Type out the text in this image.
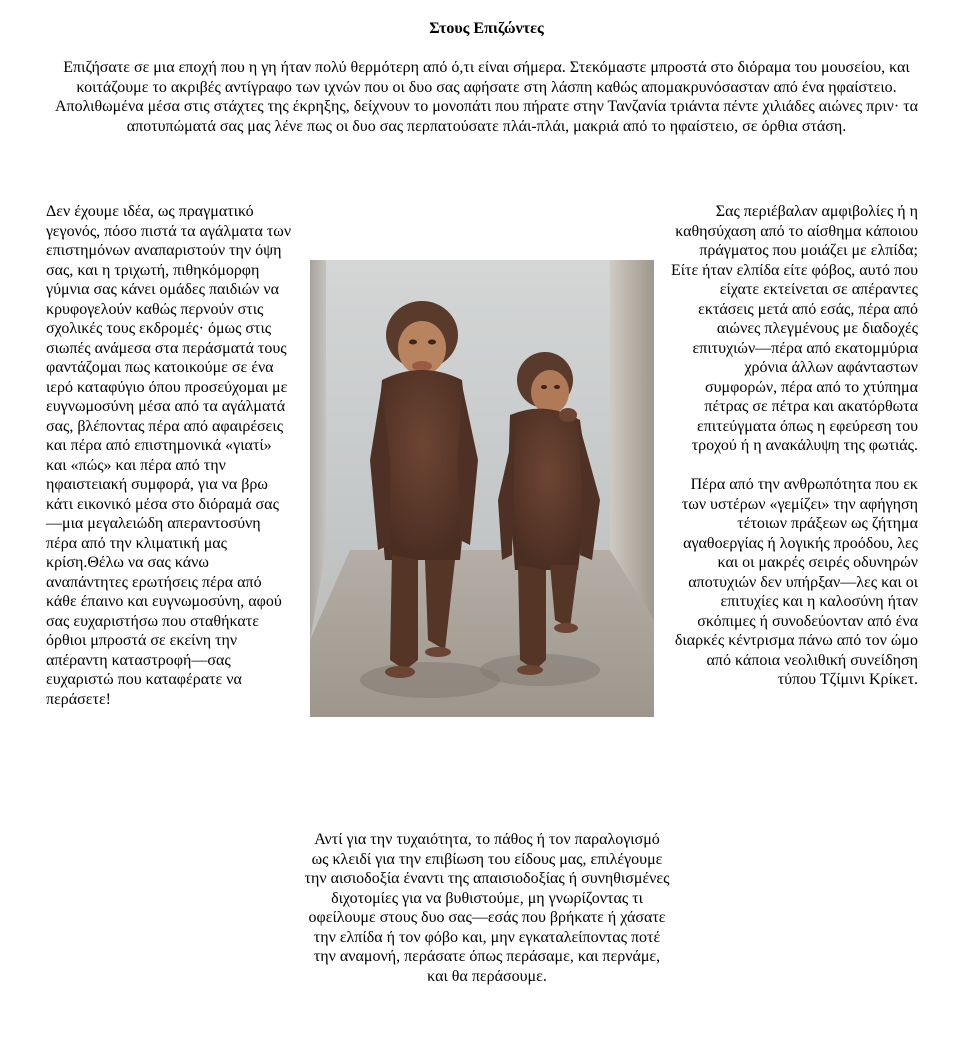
Στους Επιζώντες

Επιζήσατε σε μια εποχή που η γη ήταν πολύ θερμότερη από ό,τι είναι σήμερα. Στεκόμαστε μπροστά στο διόραμα του μουσείου, και κοιτάζουμε το ακριβές αντίγραφο των ιχνών που οι δυο σας αφήσατε στη λάσπη καθώς απομακρυνόσασταν από ένα ηφαίστειο. Απολιθωμένα μέσα στις στάχτες της έκρηξης, δείχνουν το μονοπάτι που πήρατε στην Τανζανία τριάντα πέντε χιλιάδες αιώνες πριν· τα αποτυπώματά σας μας λένε πως οι δυο σας περπατούσατε πλάι-πλάι, μακριά από το ηφαίστειο, σε όρθια στάση.

Δεν έχουμε ιδέα, ως πραγματικό γεγονός, πόσο πιστά τα αγάλματα των επιστημόνων αναπαριστούν την όψη σας, και η τριχωτή, πιθηκόμορφη γύμνια σας κάνει ομάδες παιδιών να κρυφογελούν καθώς περνούν στις σχολικές τους εκδρομές· όμως στις σιωπές ανάμεσα στα περάσματά τους φαντάζομαι πως κατοικούμε σε ένα ιερό καταφύγιο όπου προσεύχομαι με ευγνωμοσύνη μέσα από τα αγάλματά σας, βλέποντας πέρα από αφαιρέσεις και πέρα από επιστημονικά «γιατί» και «πώς» και πέρα από την ηφαιστειακή συμφορά, για να βρω κάτι εικονικό μέσα στο διόραμά σας—μια μεγαλειώδη απεραντοσύνη πέρα από την κλιματική μας κρίση.Θέλω να σας κάνω αναπάντητες ερωτήσεις πέρα από κάθε έπαινο και ευγνωμοσύνη, αφού σας ευχαριστήσω που σταθήκατε όρθιοι μπροστά σε εκείνη την απέραντη καταστροφή—σας ευχαριστώ που καταφέρατε να περάσετε!

Σας περιέβαλαν αμφιβολίες ή η καθησύχαση από το αίσθημα κάποιου πράγματος που μοιάζει με ελπίδα; Είτε ήταν ελπίδα είτε φόβος, αυτό που είχατε εκτείνεται σε απέραντες εκτάσεις μετά από εσάς, πέρα από αιώνες πλεγμένους με διαδοχές επιτυχιών—πέρα από εκατομμύρια χρόνια άλλων αφάνταστων συμφορών, πέρα από το χτύπημα πέτρας σε πέτρα και ακατόρθωτα επιτεύγματα όπως η εφεύρεση του τροχού ή η ανακάλυψη της φωτιάς.

Πέρα από την ανθρωπότητα που εκ των υστέρων «γεμίζει» την αφήγηση τέτοιων πράξεων ως ζήτημα αγαθοεργίας ή λογικής προόδου, λες και οι μακρές σειρές οδυνηρών αποτυχιών δεν υπήρξαν—λες και οι επιτυχίες και η καλοσύνη ήταν σκόπιμες ή συνοδεύονταν από ένα διαρκές κέντρισμα πάνω από τον ώμο από κάποια νεολιθική συνείδηση τύπου Τζίμινι Κρίκετ.

Αντί για την τυχαιότητα, το πάθος ή τον παραλογισμό ως κλειδί για την επιβίωση του είδους μας, επιλέγουμε την αισιοδοξία έναντι της απαισιοδοξίας ή συνηθισμένες διχοτομίες για να βυθιστούμε, μη γνωρίζοντας τι οφείλουμε στους δυο σας—εσάς που βρήκατε ή χάσατε την ελπίδα ή τον φόβο και, μην εγκαταλείποντας ποτέ την αναμονή, περάσατε όπως περάσαμε, και περνάμε, και θα περάσουμε.
